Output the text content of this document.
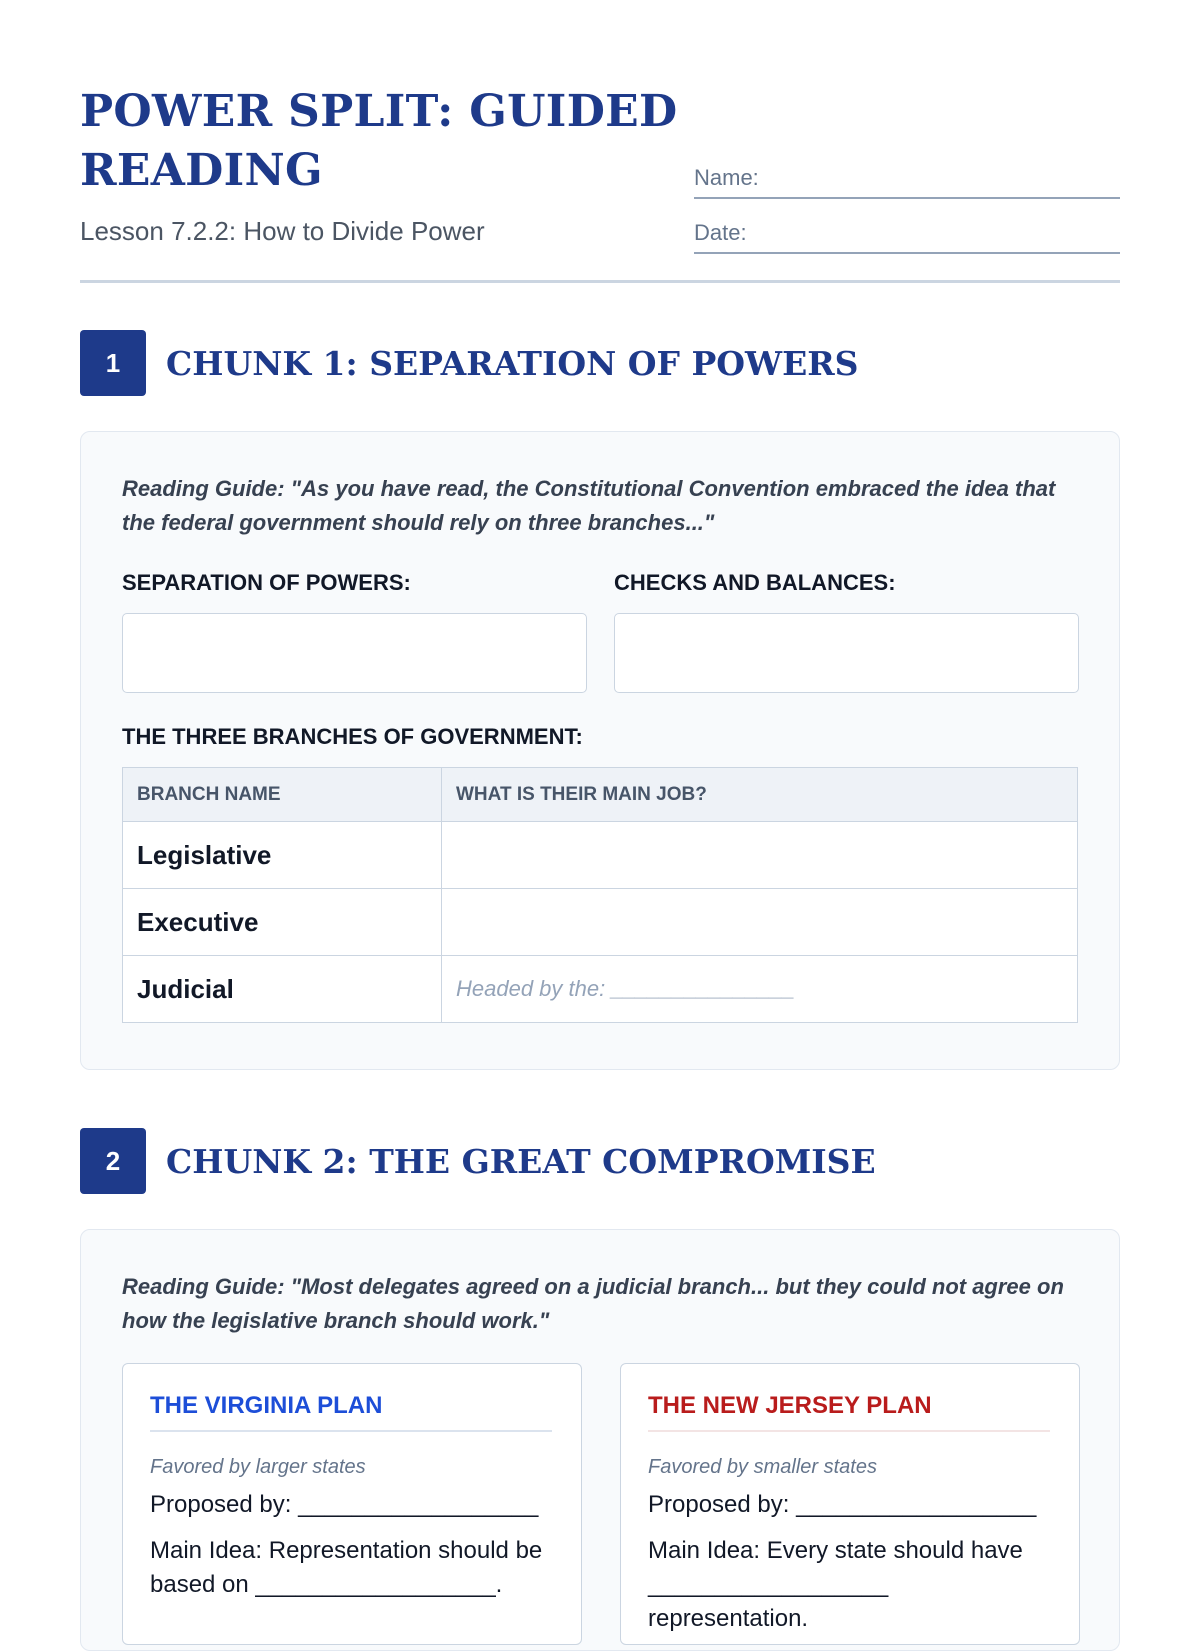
POWER SPLIT: GUIDED READING
Lesson 7.2.2: How to Divide Power
Name:
Date:
1	CHUNK 1: SEPARATION OF POWERS
Reading Guide: "As you have read, the Constitutional Convention embraced the idea that the federal government should rely on three branches..."
SEPARATION OF POWERS:	CHECKS AND BALANCES:
THE THREE BRANCHES OF GOVERNMENT:
BRANCH NAME	WHAT IS THEIR MAIN JOB?
Legislative	
Executive	
Judicial	Headed by the: _______________
2	CHUNK 2: THE GREAT COMPROMISE
Reading Guide: "Most delegates agreed on a judicial branch... but they could not agree on how the legislative branch should work."
THE VIRGINIA PLAN
Favored by larger states
Proposed by: __________________
Main Idea: Representation should be based on __________________.
THE NEW JERSEY PLAN
Favored by smaller states
Proposed by: __________________
Main Idea: Every state should have __________________ representation.
